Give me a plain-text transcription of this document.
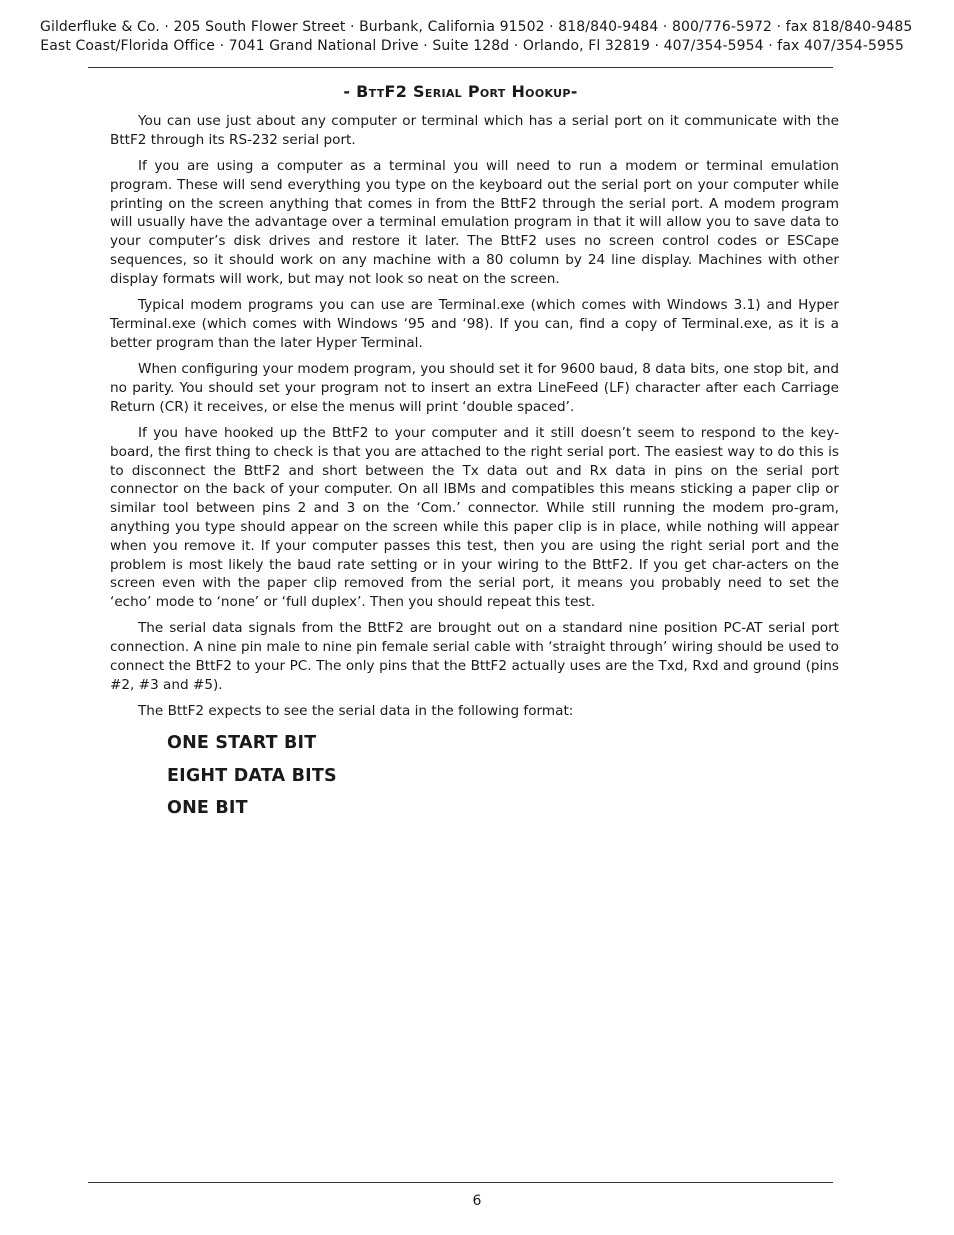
Gilderfluke & Co. · 205 South Flower Street · Burbank, California 91502 · 818/840-9484 · 800/776-5972 · fax 818/840-9485
East Coast/Florida Office · 7041 Grand National Drive · Suite 128d · Orlando, Fl 32819 · 407/354-5954 · fax 407/354-5955
- BttF2 Serial Port Hookup-

You can use just about any computer or terminal which has a serial port on it communicate with the BttF2 through its RS-232 serial port.

If you are using a computer as a terminal you will need to run a modem or terminal emulation program. These will send everything you type on the keyboard out the serial port on your computer while printing on the screen anything that comes in from the BttF2 through the serial port. A modem program will usually have the advantage over a terminal emulation program in that it will allow you to save data to your computer’s disk drives and restore it later. The BttF2 uses no screen control codes or ESCape sequences, so it should work on any machine with a 80 column by 24 line display. Machines with other display formats will work, but may not look so neat on the screen.

Typical modem programs you can use are Terminal.exe (which comes with Windows 3.1) and Hyper Terminal.exe (which comes with Windows ‘95 and ‘98). If you can, find a copy of Terminal.exe, as it is a better program than the later Hyper Terminal.

When configuring your modem program, you should set it for 9600 baud, 8 data bits, one stop bit, and no parity. You should set your program not to insert an extra LineFeed (LF) character after each Carriage Return (CR) it receives, or else the menus will print ‘double spaced’.

If you have hooked up the BttF2 to your computer and it still doesn’t seem to respond to the key-board, the first thing to check is that you are attached to the right serial port. The easiest way to do this is to disconnect the BttF2 and short between the Tx data out and Rx data in pins on the serial port connector on the back of your computer. On all IBMs and compatibles this means sticking a paper clip or similar tool between pins 2 and 3 on the ‘Com.’ connector. While still running the modem pro-gram, anything you type should appear on the screen while this paper clip is in place, while nothing will appear when you remove it. If your computer passes this test, then you are using the right serial port and the problem is most likely the baud rate setting or in your wiring to the BttF2. If you get char-acters on the screen even with the paper clip removed from the serial port, it means you probably need to set the ‘echo’ mode to ‘none’ or ‘full duplex’. Then you should repeat this test.

The serial data signals from the BttF2 are brought out on a standard nine position PC-AT serial port connection. A nine pin male to nine pin female serial cable with ‘straight through’ wiring should be used to connect the BttF2 to your PC. The only pins that the BttF2 actually uses are the Txd, Rxd and ground (pins #2, #3 and #5).

The BttF2 expects to see the serial data in the following format:

ONE START BIT
EIGHT DATA BITS
ONE BIT
6
